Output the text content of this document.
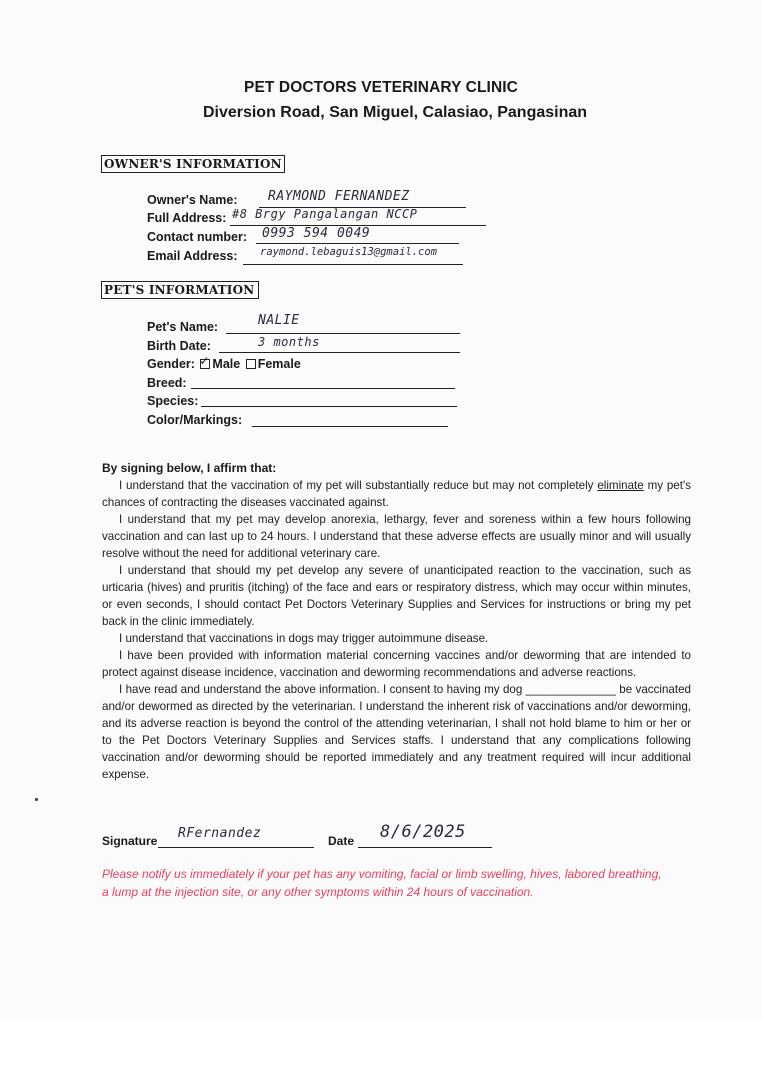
PET DOCTORS VETERINARY CLINIC
Diversion Road, San Miguel, Calasiao, Pangasinan
OWNER'S INFORMATION
Owner's Name: RAYMOND FERNANDEZ
Full Address: #8 Brgy Pangalangan NCCP
Contact number: 0993 594 0049
Email Address: raymond.lebaguis13@gmail.com
PET'S INFORMATION
Pet's Name:	NALIE
Birth Date:	3 months
Gender: ✓ Male Female
Breed:
Species:
Color/Markings:
By signing below, I affirm that:

I understand that the vaccination of my pet will substantially reduce but may not completely eliminate my pet's chances of contracting the diseases vaccinated against.

I understand that my pet may develop anorexia, lethargy, fever and soreness within a few hours following vaccination and can last up to 24 hours. I understand that these adverse effects are usually minor and will usually resolve without the need for additional veterinary care.

I understand that should my pet develop any severe of unanticipated reaction to the vaccination, such as urticaria (hives) and pruritis (itching) of the face and ears or respiratory distress, which may occur within minutes, or even seconds, I should contact Pet Doctors Veterinary Supplies and Services for instructions or bring my pet back in the clinic immediately.

I understand that vaccinations in dogs may trigger autoimmune disease.

I have been provided with information material concerning vaccines and/or deworming that are intended to protect against disease incidence, vaccination and deworming recommendations and adverse reactions.

I have read and understand the above information. I consent to having my dog ______________ be vaccinated and/or dewormed as directed by the veterinarian. I understand the inherent risk of vaccinations and/or deworming, and its adverse reaction is beyond the control of the attending veterinarian, I shall not hold blame to him or her or to the Pet Doctors Veterinary Supplies and Services staffs. I understand that any complications following vaccination and/or deworming should be reported immediately and any treatment required will incur additional expense.

Signature RFernandez	Date 8/6/2025
Please notify us immediately if your pet has any vomiting, facial or limb swelling, hives, labored breathing, a lump at the injection site, or any other symptoms within 24 hours of vaccination.
